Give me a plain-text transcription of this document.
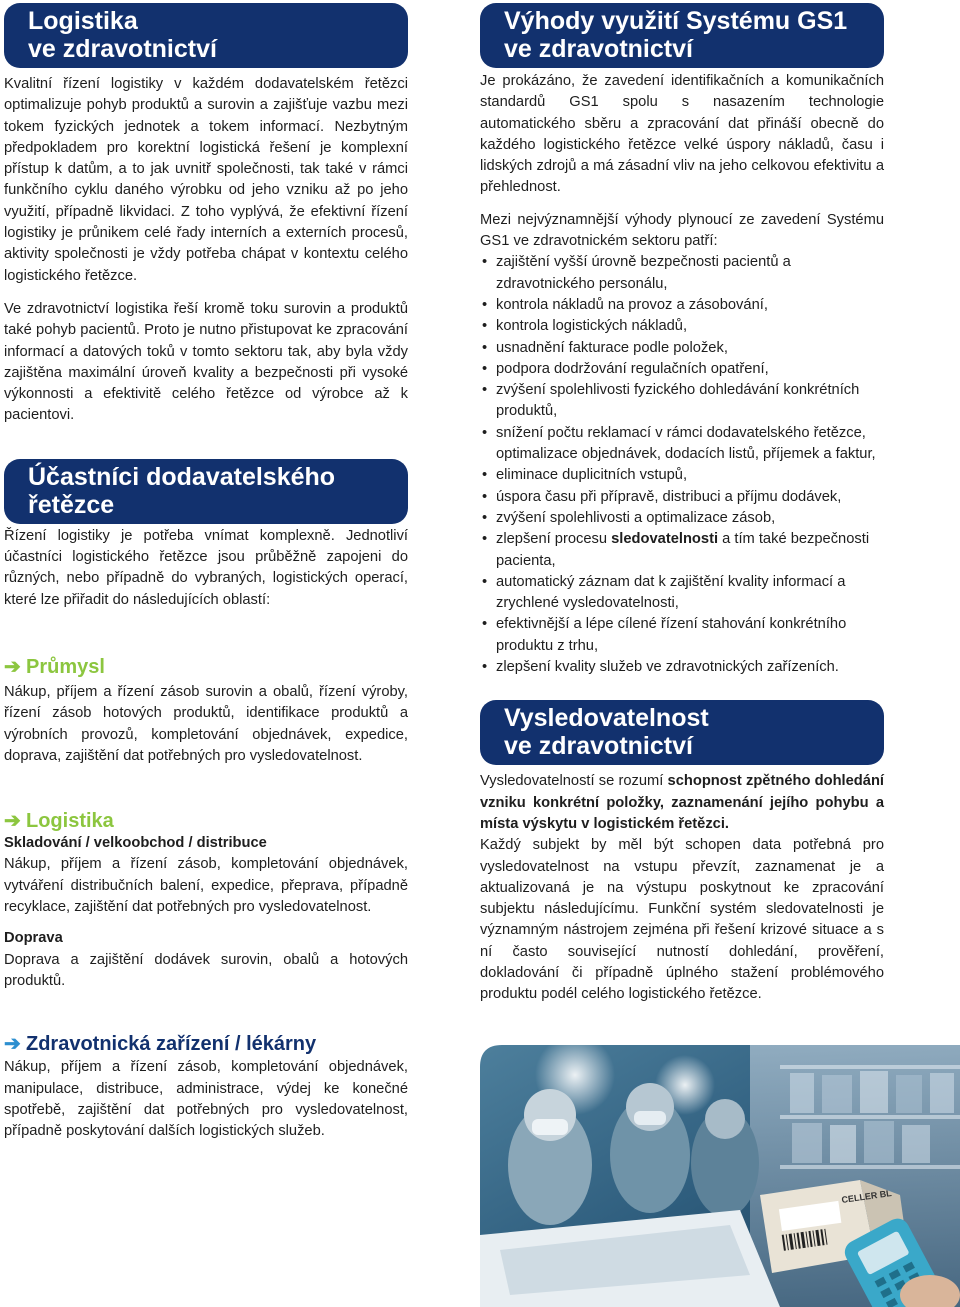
Logistika
ve zdravotnictví

Kvalitní řízení logistiky v každém dodavatelském řetězci optimalizuje pohyb produktů a surovin a zajišťuje vazbu mezi tokem fyzických jednotek a tokem informací. Nezbytným předpokladem pro korektní logistická řešení je komplexní přístup k datům, a to jak uvnitř společnosti, tak také v rámci funkčního cyklu daného výrobku od jeho vzniku až po jeho využití, případně likvidaci. Z toho vyplývá, že efektivní řízení logistiky je průnikem celé řady interních a externích procesů, aktivity společnosti je vždy potřeba chápat v kontextu celého logistického řetězce.

Ve zdravotnictví logistika řeší kromě toku surovin a produktů také pohyb pacientů. Proto je nutno přistupovat ke zpracování informací a datových toků v tomto sektoru tak, aby byla vždy zajištěna maximální úroveň kvality a bezpečnosti při vysoké výkonnosti a efektivitě celého řetězce od výrobce až k pacientovi.

Účastníci dodavatelského
řetězce

Řízení logistiky je potřeba vnímat komplexně. Jednotliví účastníci logistického řetězce jsou průběžně zapojeni do různých, nebo případně do vybraných, logistických operací, které lze přiřadit do následujících oblastí:

➔ Průmysl

Nákup, příjem a řízení zásob surovin a obalů, řízení výroby, řízení zásob hotových produktů, identifikace produktů a výrobních provozů, kompletování objednávek, expedice, doprava, zajištění dat potřebných pro vysledovatelnost.

➔ Logistika
Skladování / velkoobchod / distribuce

Nákup, příjem a řízení zásob, kompletování objednávek, vytváření distribučních balení, expedice, přeprava, případně recyklace, zajištění dat potřebných pro vysledovatelnost.

Doprava

Doprava a zajištění dodávek surovin, obalů a hotových produktů.

➔ Zdravotnická zařízení / lékárny

Nákup, příjem a řízení zásob, kompletování objednávek, manipulace, distribuce, administrace, výdej ke konečné spotřebě, zajištění dat potřebných pro vysledovatelnost, případně poskytování dalších logistických služeb.

Výhody využití Systému GS1
ve zdravotnictví

Je prokázáno, že zavedení identifikačních a komunikačních standardů GS1 spolu s nasazením technologie automatického sběru a zpracování dat přináší obecně do každého logistického řetězce velké úspory nákladů, času i lidských zdrojů a má zásadní vliv na jeho celkovou efektivitu a přehlednost.

Mezi nejvýznamnější výhody plynoucí ze zavedení Systému GS1 ve zdravotnickém sektoru patří:

• zajištění vyšší úrovně bezpečnosti pacientů a zdravotnického personálu,
• kontrola nákladů na provoz a zásobování,
• kontrola logistických nákladů,
• usnadnění fakturace podle položek,
• podpora dodržování regulačních opatření,
• zvýšení spolehlivosti fyzického dohledávání konkrétních produktů,
• snížení počtu reklamací v rámci dodavatelského řetězce, optimalizace objednávek, dodacích listů, příjemek a faktur,
• eliminace duplicitních vstupů,
• úspora času při přípravě, distribuci a příjmu dodávek,
• zvýšení spolehlivosti a optimalizace zásob,
• zlepšení procesu sledovatelnosti a tím také bezpečnosti pacienta,
• automatický záznam dat k zajištění kvality informací a zrychlené vysledovatelnosti,
• efektivnější a lépe cílené řízení stahování konkrétního produktu z trhu,
• zlepšení kvality služeb ve zdravotnických zařízeních.
Vysledovatelnost
ve zdravotnictví

Vysledovatelností se rozumí schopnost zpětného dohledání vzniku konkrétní položky, zaznamenání jejího pohybu a místa výskytu v logistickém řetězci.

Každý subjekt by měl být schopen data potřebná pro vysledovatelnost na vstupu převzít, zaznamenat je a aktualizovaná je na výstupu poskytnout ke zpracování subjektu následujícímu. Funkční systém sledovatelnosti je významným nástrojem zejména při řešení krizové situace a s ní často související nutností dohledání, prověření, dokladování či případně úplného stažení problémového produktu podél celého logistického řetězce.

CELLER BL
